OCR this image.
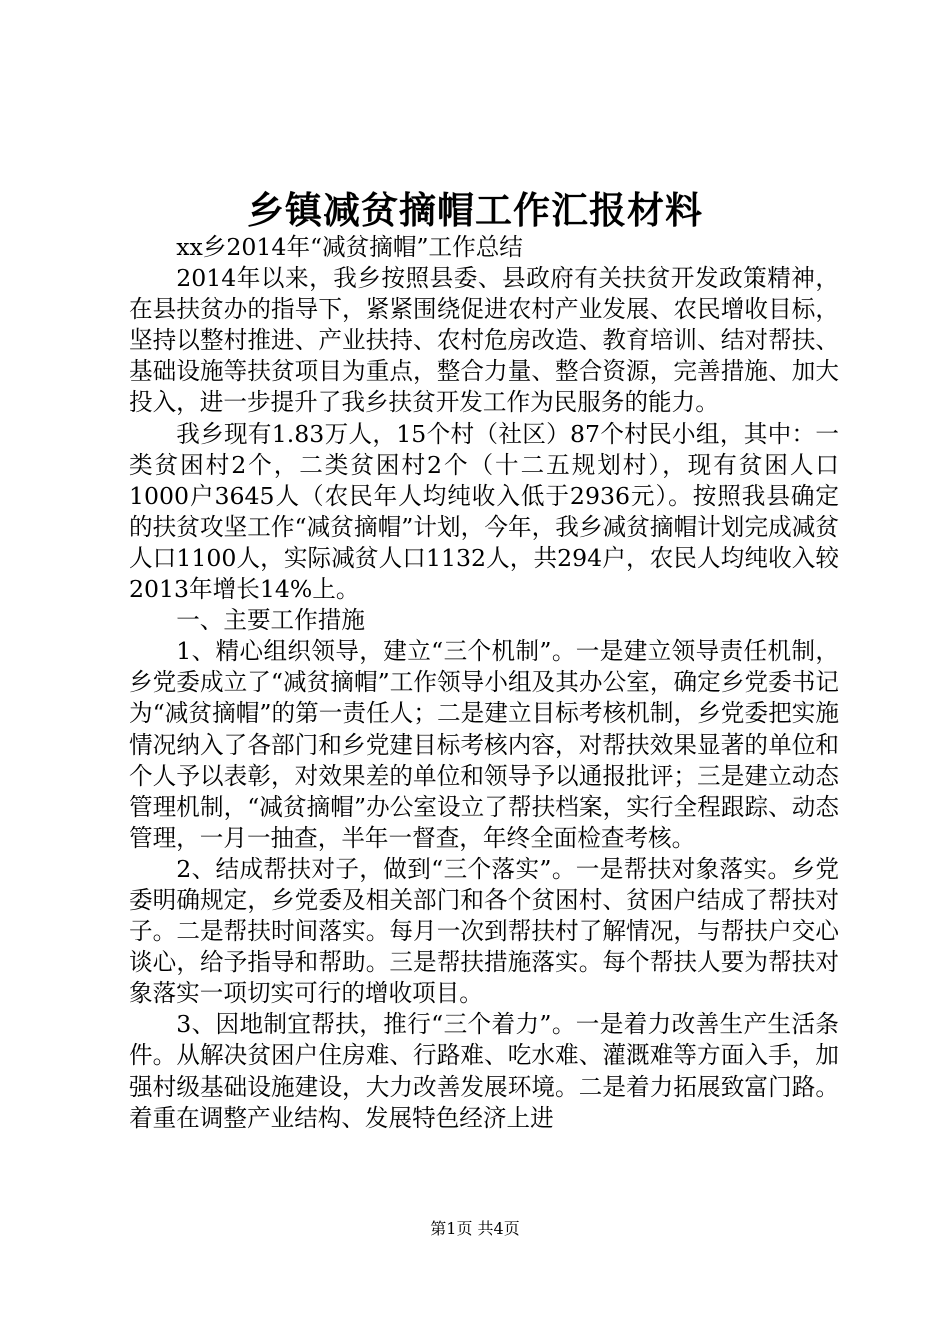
乡镇减贫摘帽工作汇报材料

xx乡2014年“减贫摘帽”工作总结

2014年以来，我乡按照县委、县政府有关扶贫开发政策精神，在县扶贫办的指导下，紧紧围绕促进农村产业发展、农民增收目标，坚持以整村推进、产业扶持、农村危房改造、教育培训、结对帮扶、基础设施等扶贫项目为重点，整合力量、整合资源，完善措施、加大投入，进一步提升了我乡扶贫开发工作为民服务的能力。

我乡现有1.83万人，15个村（社区）87个村民小组，其中：一类贫困村2个，二类贫困村2个（十二五规划村），现有贫困人口1000户3645人（农民年人均纯收入低于2936元）。按照我县确定的扶贫攻坚工作“减贫摘帽”计划，今年，我乡减贫摘帽计划完成减贫人口1100人，实际减贫人口1132人，共294户，农民人均纯收入较2013年增长14%上。

一、主要工作措施

1、精心组织领导，建立“三个机制”。一是建立领导责任机制，乡党委成立了“减贫摘帽”工作领导小组及其办公室，确定乡党委书记为“减贫摘帽”的第一责任人；二是建立目标考核机制，乡党委把实施情况纳入了各部门和乡党建目标考核内容，对帮扶效果显著的单位和个人予以表彰，对效果差的单位和领导予以通报批评；三是建立动态管理机制，“减贫摘帽”办公室设立了帮扶档案，实行全程跟踪、动态管理，一月一抽查，半年一督查，年终全面检查考核。

2、结成帮扶对子，做到“三个落实”。一是帮扶对象落实。乡党委明确规定，乡党委及相关部门和各个贫困村、贫困户结成了帮扶对子。二是帮扶时间落实。每月一次到帮扶村了解情况，与帮扶户交心谈心，给予指导和帮助。三是帮扶措施落实。每个帮扶人要为帮扶对象落实一项切实可行的增收项目。

3、因地制宜帮扶，推行“三个着力”。一是着力改善生产生活条件。从解决贫困户住房难、行路难、吃水难、灌溉难等方面入手，加强村级基础设施建设，大力改善发展环境。二是着力拓展致富门路。着重在调整产业结构、发展特色经济上进

第1页 共4页
